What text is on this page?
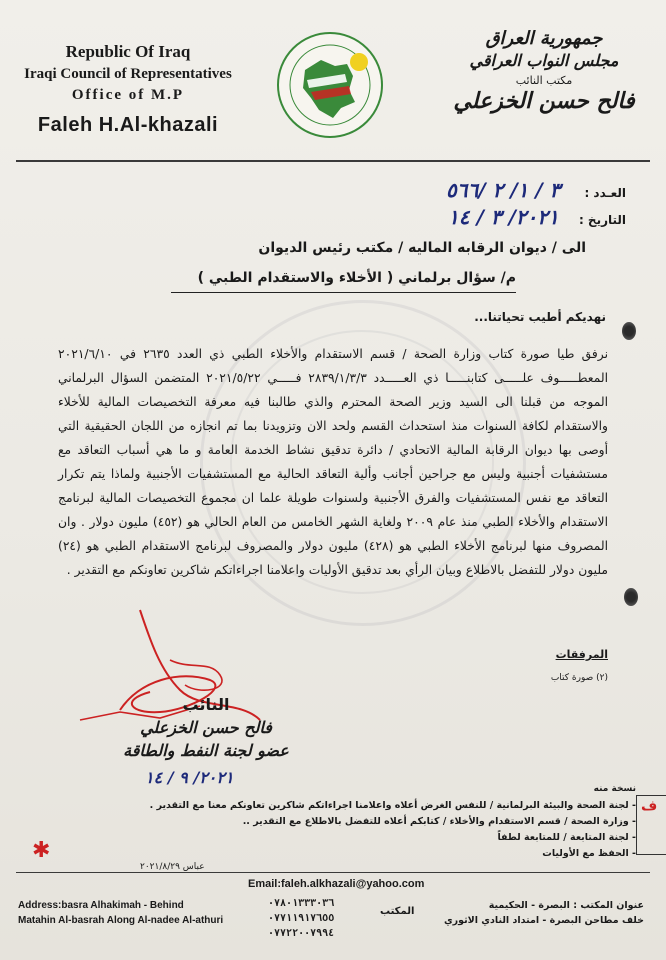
Republic Of Iraq
Iraqi Council of Representatives
Office of M.P
Faleh H.Al-khazali
جمهورية العراق
مجلس النواب العراقي
مكتب النائب
فالح حسن الخزعلي
العـدد : ٣ / ١/ ٢ /٥٦٦
التاريخ : ٢٠٢١/ ٣ / ١٤
الى / ديوان الرقابه الماليه / مكتب رئيس الديوان
م/ سؤال برلماني ( الأخلاء والاستقدام الطبي )
نهديكم أطيب تحياتنا...

نرفق طيا صورة كتاب وزارة الصحة / قسم الاستقدام والأخلاء الطبي ذي العدد ٢٦٣٥ في ٢٠٢١/٦/١٠ المعطـــــوف علـــــى كتابنـــــا ذي العـــــدد ٢٨٣٩/١/٣/٣ فـــــي ٢٠٢١/٥/٢٢ المتضمن السؤال البرلماني الموجه من قبلنا الى السيد وزير الصحة المحترم والذي طالبنا فيه معرفة التخصيصات المالية للأخلاء والاستقدام لكافة السنوات منذ استحداث القسم ولحد الان وتزويدنا بما تم انجازه من اللجان الحقيقية التي أوصى بها ديوان الرقابة المالية الاتحادي / دائرة تدقيق نشاط الخدمة العامة و ما هي أسباب التعاقد مع مستشفيات أجنبية وليس مع جراحين أجانب وألية التعاقد الحالية مع المستشفيات الأجنبية ولماذا يتم تكرار التعاقد مع نفس المستشفيات والفرق الأجنبية ولسنوات طويلة علما ان مجموع التخصيصات المالية لبرنامج الاستقدام والأخلاء الطبي منذ عام ٢٠٠٩ ولغاية الشهر الخامس من العام الحالي هو (٤٥٢) مليون دولار . وان المصروف منها لبرنامج الأخلاء الطبي هو (٤٢٨) مليون دولار والمصروف لبرنامج الاستقدام الطبي هو (٢٤) مليون دولار للتفضل بالاطلاع وبيان الرأي بعد تدقيق الأوليات واعلامنا اجراءاتكم شاكرين تعاونكم مع التقدير .

المرفقات
(٢) صورة كتاب
النائب
فالح حسن الخزعلي
عضو لجنة النفط والطاقة
٢٠٢١/ ٩ / ١٤
نسخة منه
- لجنة الصحة والبيئة البرلمانية / للنفس الغرض أعلاه واعلامنا اجراءاتكم شاكرين تعاونكم معنا مع التقدير .
- وزارة الصحة / قسم الاستقدام والأخلاء / كتابكم أعلاه للتفضل بالاطلاع مع التقدير ..
- لجنة المتابعة / للمتابعة لطفاً
- الحفظ مع الأوليات
ف
✱
عباس ٢٠٢١/٨/٢٩
Email:faleh.alkhazali@yahoo.com
Address:basra Alhakimah - Behind
Matahin Al-basrah Along Al-nadee Al-athuri
٠٧٨٠١٣٣٣٠٣٦
٠٧٧١١٩١٧٦٥٥
٠٧٧٢٢٠٠٧٩٩٤
المكتب
عنوان المكتب : البصرة - الحكيمية
خلف مطاحن البصرة - امتداد النادي الاثوري
